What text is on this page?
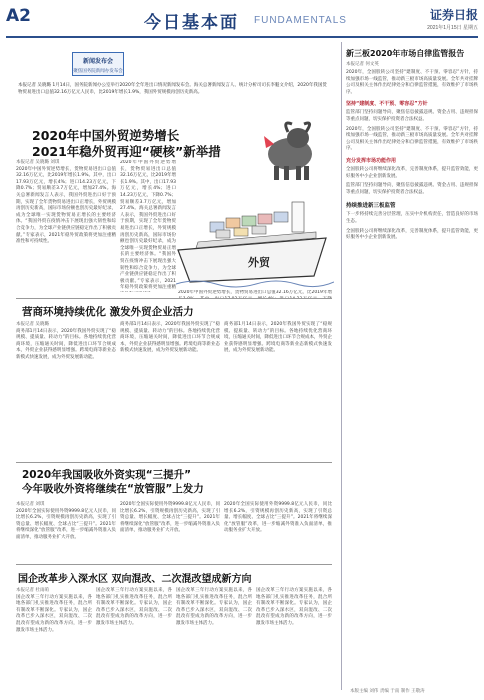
A2	今日基本面 FUNDAMENTALS	证券日报
2021年1月15日 星期五
新闻发布会
聚焦国务院新闻办发布会
本报记者 吴晓璐 1月14日，国务院新闻办公室举行2020年全年进出口情况新闻发布会。海关总署新闻发言人、统计分析司司长李魁文介绍，2020年我国货物贸易进出口总值32.16万亿元人民币，比2019年增长1.9%，我国外贸规模再创历史新高。
2020年中国外贸逆势增长
2021年稳外贸再迎“硬核”新举措
外贸
本报记者 吴晓璐 刘琪
2020年中国外贸逆势增长，货物贸易进出口总值32.16万亿元，比2019年增长1.9%。其中，出口17.93万亿元，增长4%；进口14.23万亿元，下降0.7%；贸易顺差3.7万亿元，增加27.4%。海关总署新闻发言人表示，我国外贸进出口好于预期，实现了全年货物贸易进出口正增长，外贸规模再创历史新高，国际市场份额也创历史最好纪录，成为全球唯一实现货物贸易正增长的主要经济体。“我国外贸在疫情冲击下展现出强大韧性和综合竞争力，为全球产业链供应链稳定作出了积极贡献。”专家表示，2021年稳外贸政策将更加注重精准性和可持续性。
2020年中国外贸逆势增长，货物贸易进出口总值32.16万亿元，比2019年增长1.9%。其中，出口17.93万亿元，增长4%；进口14.23万亿元，下降0.7%；贸易顺差3.7万亿元，增加27.4%。海关总署新闻发言人表示，我国外贸进出口好于预期，实现了全年货物贸易进出口正增长，外贸规模再创历史新高，国际市场份额也创历史最好纪录，成为全球唯一实现货物贸易正增长的主要经济体。“我国外贸在疫情冲击下展现出强大韧性和综合竞争力，为全球产业链供应链稳定作出了积极贡献。”专家表示，2021年稳外贸政策将更加注重精
2020年中国外贸逆势增长，货物贸易进出口总值32.16万亿元，比2019年增
营商环境持续优化 激发外贸企业活力
本报记者 吴晓璐
商务部1月14日表示，2020年我国外贸实现了“稳规模、提质量、转动力”的目标。各地持续优化营商环境，压缩通关时间，降低进出口环节合规成本，外贸企业获得感明显增强。跨境电商等新业态新模式快速发展，成为外贸发展新动能。
商务部1月14日表示，2020年我国外贸实现了“稳规模、提质量、转动力”的目标。各地持续优化营商环境，压缩通关时间，降低进出口环节合规成本，外贸企业获得感明显增强。跨境电商等新业态新模式快速发展，成为外贸发展新动能。
商务部1月14日表示，2020年我国外贸实现了“稳规模、提质量、转动力”的目标。各地持续优化营商环境，压缩通关时间，降低进出口环节合规成本，外贸企业获得感明显增强。跨境电商等新业态新模式快速发展，成为外贸发展新动能。
2020年我国吸收外资实现“三提升”
今年吸收外资将继续在“放管服”上发力
本报记者 刘琪
2020年全国实际使用外资9999.8亿元人民币，同比增长6.2%，引资规模再创历史新高，实现了引资总量、增长幅度、全球占比“三提升”。2021年将继续深化“放管服”改革，进一步缩减外资准入负面清单，推动服务业扩大开放。
2020年全国实际使用外资9999.8亿元人民币，同比增长6.2%，引资规模再创历史新高，实现了引资总量、增长幅度、全球占比“三提升”。2021年将继续深化“放管服”改革，进一步缩减外资准入负面清单，推动服务业扩大开放。
2020年全国实际使用外资9999.8亿元人民币，同比增长6.2%，引资规模再创历史新高，实现了引资总量、增长幅度、全球占比“三提升”。2021年将继续深化“放管服”改革，进一步缩减外资准入负面清单，推动服务业扩大开放。
国企改革步入深水区 双向混改、二次混改望成新方向
本报记者 杜雨萌
国企改革三年行动方案实施以来，各地各部门扎实推进改革任务，混合所有制改革不断深化。专家认为，国企改革已步入深水区，双向混改、二次混改有望成为新的改革方向，进一步激发市场主体活力。
国企改革三年行动方案实施以来，各地各部门扎实推进改革任务，混合所有制改革不断深化。专家认为，国企改革已步入深水区，双向混改、二次混改有望成为新的改革方向，进一步激发市场主体活力。
国企改革三年行动方案实施以来，各地各部门扎实推进改革任务，混合所有制改革不断深化。专家认为，国企改革已步入深水区，双向混改、二次混改有望成为新的改革方向，进一步激发市场主体活力。
国企改革三年行动方案实施以来，各地各部门扎实推进改革任务，混合所有制改革不断深化。专家认为，国企改革已步入深水区，双向混改、二次混改有望成为新的改革方向，进一步激发市场主体活力。
新三板2020年市场自律监管报告
本报记者 何文英
2020年，全国股转公司坚持“建制度、不干预、零容忍”方针，持续加强市场一线监管，推动新三板市场高质量发展。全年共对挂牌公司及相关主体作出纪律处分和自律监管措施，有效维护了市场秩序。
坚持“建制度、不干预、零容忍”方针
监管部门坚持问题导向，聚焦信息披露违规、资金占用、违规担保等重点问题，切实保护投资者合法权益。
2020年，全国股转公司坚持“建制度、不干预、零容忍”方针，持续加强市场一线监管，推动新三板市场高质量发展。全年共对挂牌公司及相关主体作出纪律处分和自律监管措施，有效维护了市场秩序。
充分发挥市场功能作用
全国股转公司将继续深化改革，完善制度体系，提升监管效能，更好服务中小企业创新发展。
监管部门坚持问题导向，聚焦信息披露违规、资金占用、违规担保等重点问题，切实保护投资者合法权益。
持续推进新三板监管
下一步将持续完善分层管理，压实中介机构责任，营造良好的市场生态。
全国股转公司将继续深化改革，完善制度体系，提升监管效能，更好服务中小企业创新发展。
本版主编 刘伟 责编 于南 制作 王敬涛
